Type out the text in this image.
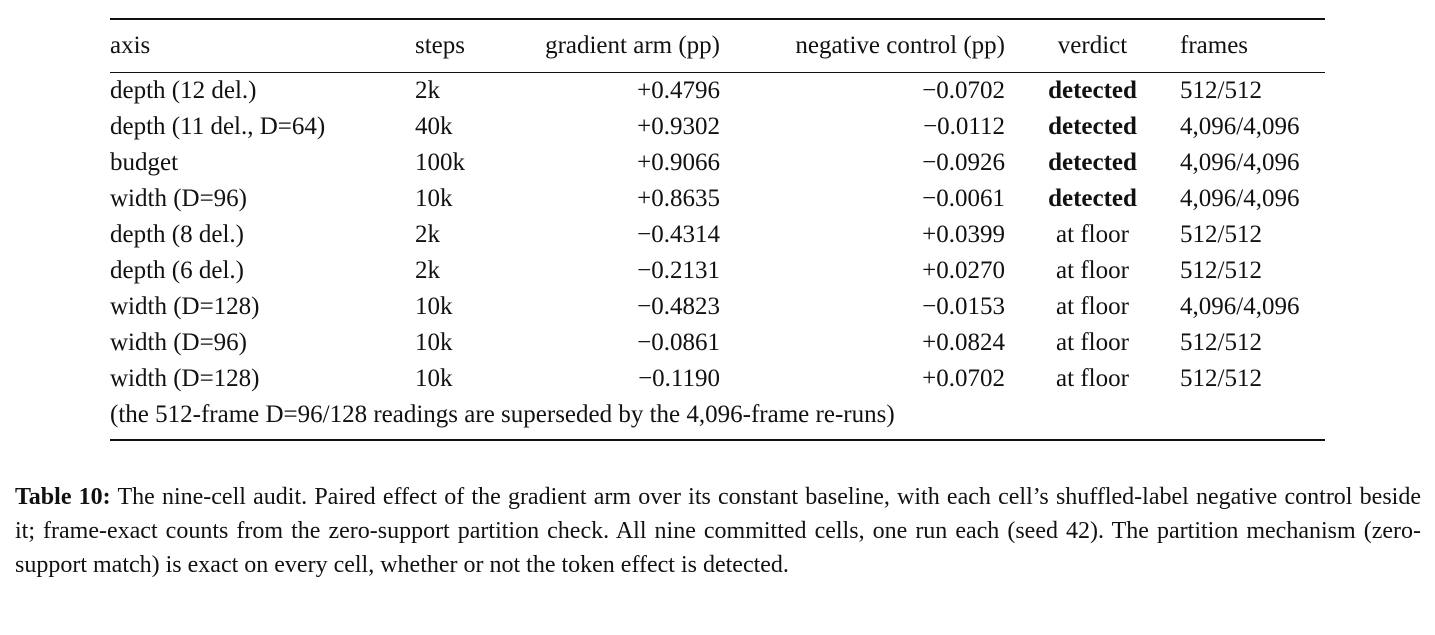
axis	steps	gradient arm (pp)	negative control (pp)	verdict	frames

depth (12 del.)	2k	+0.4796	−0.0702	detected	512/512
depth (11 del., D=64)	40k	+0.9302	−0.0112	detected	4,096/4,096
budget	100k	+0.9066	−0.0926	detected	4,096/4,096
width (D=96)	10k	+0.8635	−0.0061	detected	4,096/4,096
depth (8 del.)	2k	−0.4314	+0.0399	at floor	512/512
depth (6 del.)	2k	−0.2131	+0.0270	at floor	512/512
width (D=128)	10k	−0.4823	−0.0153	at floor	4,096/4,096
width (D=96)	10k	−0.0861	+0.0824	at floor	512/512
width (D=128)	10k	−0.1190	+0.0702	at floor	512/512
(the 512-frame D=96/128 readings are superseded by the 4,096-frame re-runs)					
Table 10: The nine-cell audit. Paired effect of the gradient arm over its constant baseline, with each cell’s shuffled-label negative control beside it; frame-exact counts from the zero-support partition check. All nine committed cells, one run each (seed 42). The partition mechanism (zero-support match) is exact on every cell, whether or not the token effect is detected.
